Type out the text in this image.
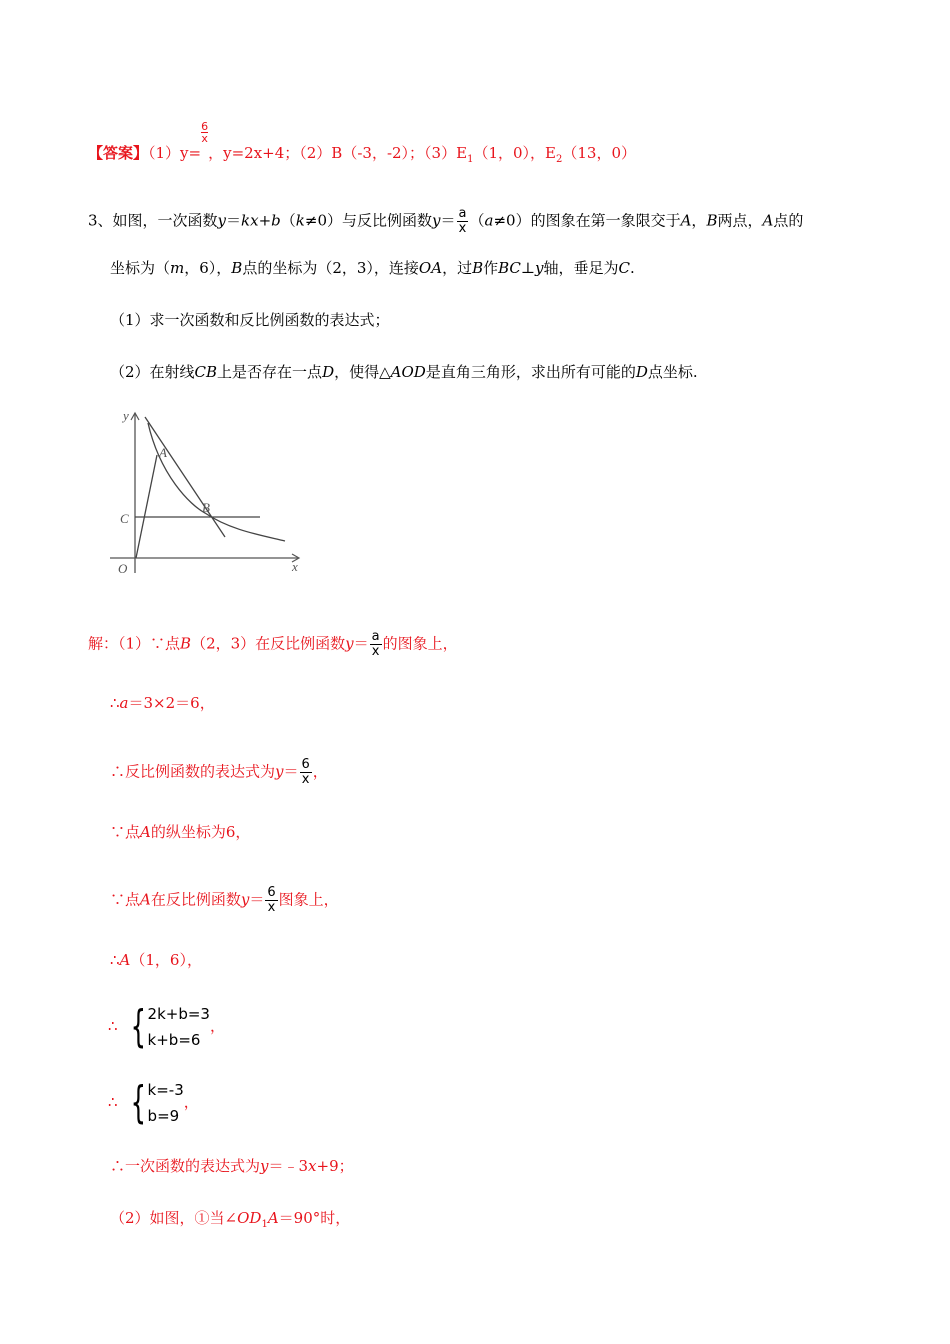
【答案】（1）y=
$\frac{6}{x}$
，y=2x+4；（2）B（-3，-2）；$(3)E_1(1$，0），$E_2(13$，0）
3、如图，一次函数y＝kx+b（k≠0）与反比例函数$y= \frac{a}{x} (a\ne 0)$的图象在第一象限交于A，B两点，A点的
坐标为（m，6），B点的坐标为（2，3），连接OA，过B作BC⊥y轴，垂足为C.
（1）求一次函数和反比例函数的表达式；
（2）在射线CB上是否存在一点D，使得△AOD是直角三角形，求出所有可能的D点坐标.
y
x
O
A
B
C
解：（1）∵点B（2，3）在反比例函数$y= \frac{a}{x}$ 的图象上，
∴a＝3×2＝6，
∴反比例函数的表达式为$y= \frac{6}{x}$ ，
∵点A的纵坐标为6，
∵点A在反比例函数$y= \frac{6}{x}$ 图象上，
∴A（1，6），
∴ { 2k+b=3
k+b=6
，
∴ { k=-3
b=9
，
∴一次函数的表达式为y＝﹣3x+9；
（2）如图，①当$\angle OD_1A=90^\circ$时，
